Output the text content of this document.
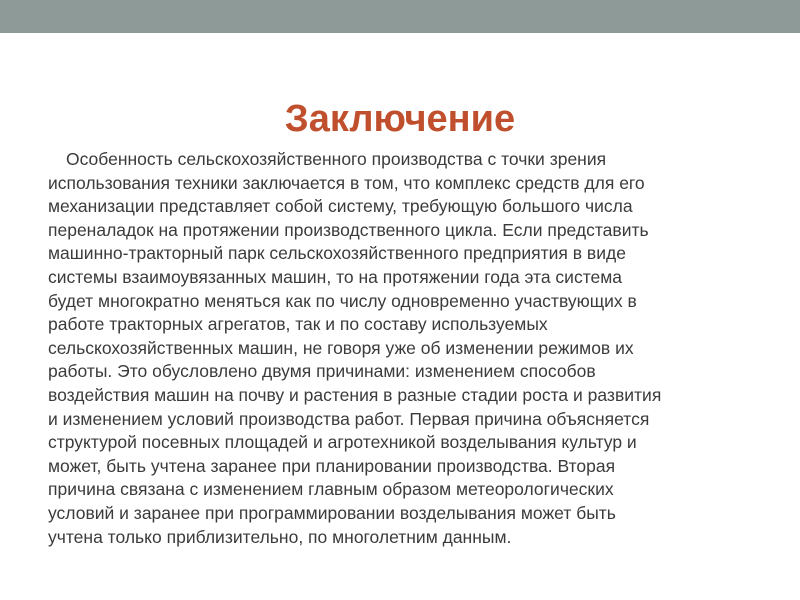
Заключение
Особенность сельскохозяйственного производства с точки зрения
использования техники заключается в том, что комплекс средств для его
механизации представляет собой систему, требующую большого числа
переналадок на протяжении производственного цикла. Если представить
машинно-тракторный парк сельскохозяйственного предприятия в виде
системы взаимоувязанных машин, то на протяжении года эта система
будет многократно меняться как по числу одновременно участвующих в
работе тракторных агрегатов, так и по составу используемых
сельскохозяйственных машин, не говоря уже об изменении режимов их
работы. Это обусловлено двумя причинами: изменением способов
воздействия машин на почву и растения в разные стадии роста и развития
и изменением условий производства работ. Первая причина объясняется
структурой посевных площадей и агротехникой возделывания культур и
может, быть учтена заранее при планировании производства. Вторая
причина связана с изменением главным образом метеорологических
условий и заранее при программировании возделывания может быть
учтена только приблизительно, по многолетним данным.
